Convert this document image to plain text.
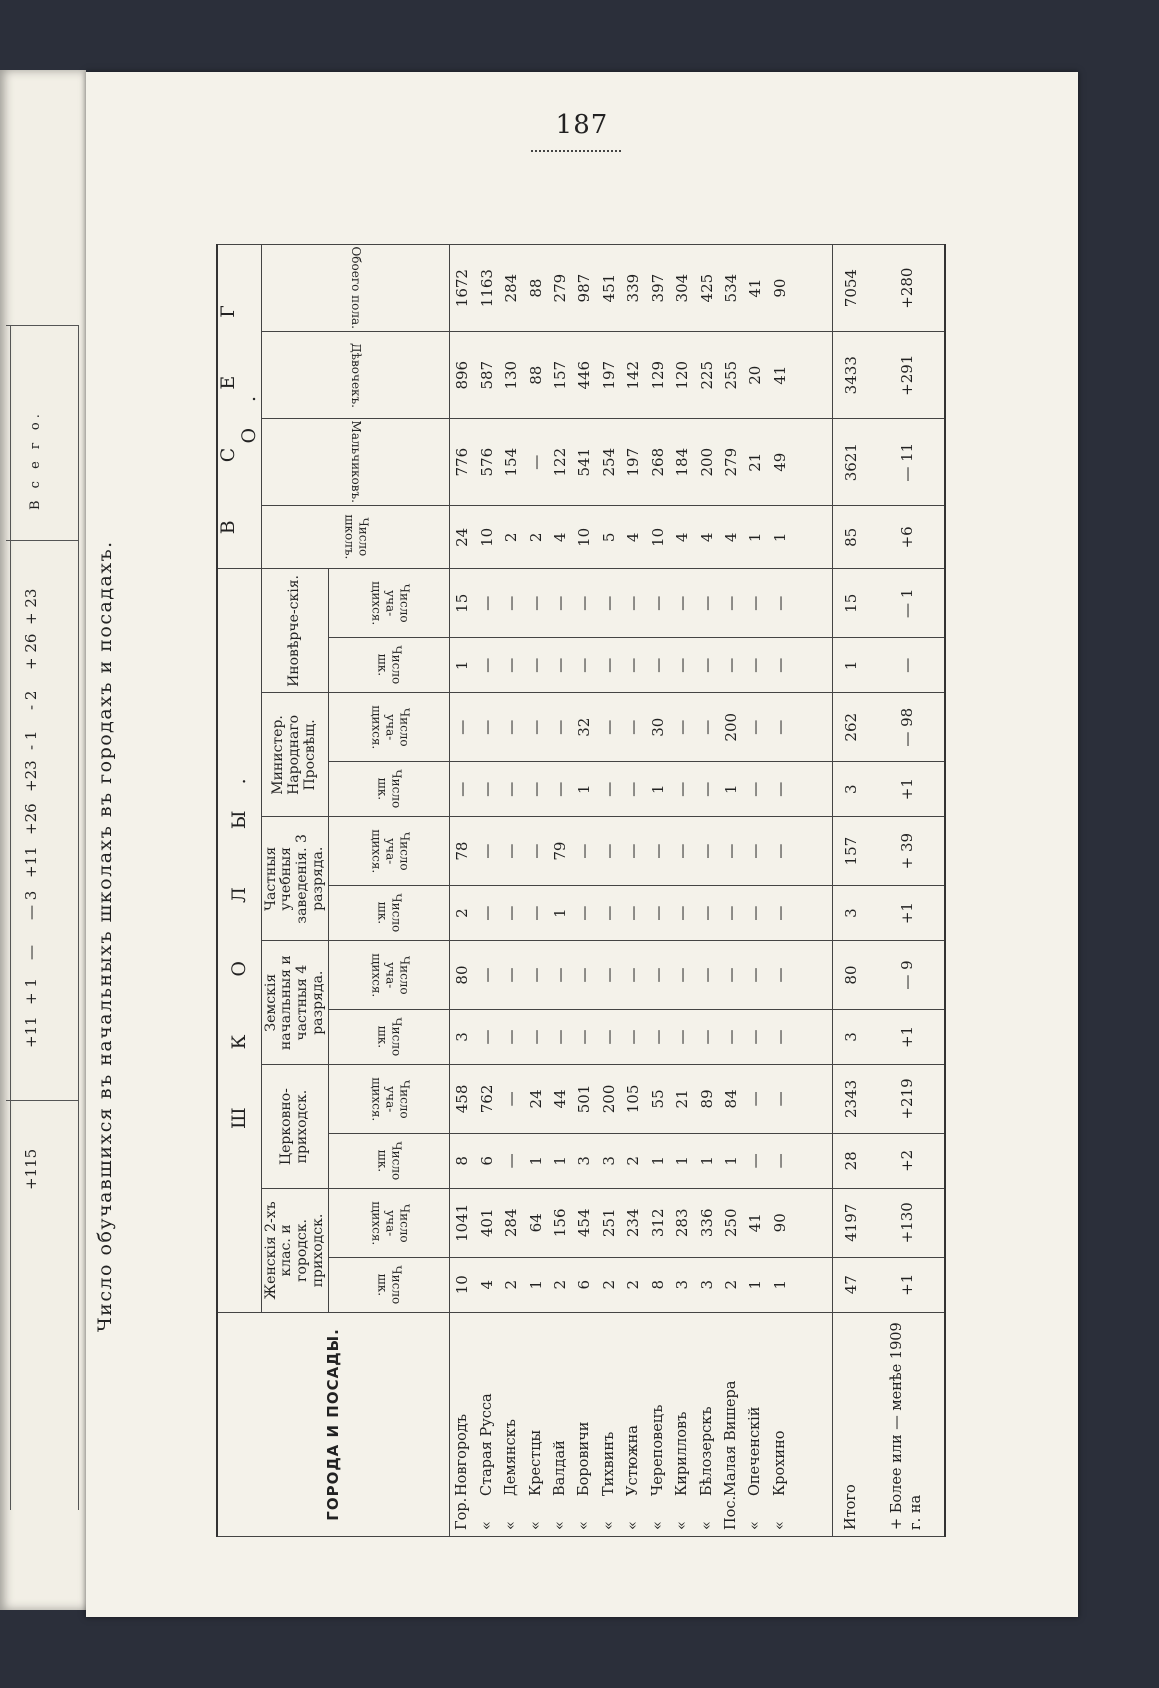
В с е г о.
+ 23
+ 26
- 2
- 1
+23
+26
+11
— 3
—
+ 1
+11
+115
187
Число обучавшихся въ начальныхъ школахъ въ городахъ и посадахъ.
ГОРОДА И ПОСАДЫ.	Ш К О Л Ы.												В С Е Г О.			
	Женскія 2-хъ клас. и городск. приходск.		Церковно-приходск.		Земскія начальныя и частныя 4 разряда.		Частныя учебныя заведенія. 3 разряда.		Министер. Народнаго Просвѣщ.		Иновѣрче-скія.		Число школъ.	Мальчиковъ.	Дѣвочекъ.	Обоего пола.
	Число шк.	Число уча-щихся.	Число шк.	Число уча-щихся.	Число шк.	Число уча-щихся.	Число шк.	Число уча-щихся.	Число шк.	Число уча-щихся.	Число шк.	Число уча-щихся.				
Гор.Новгородъ	10	1041	8	458	3	80	2	78	—	—	1	15	24	776	896	1672
«Старая Русса	4	401	6	762	—	—	—	—	—	—	—	—	10	576	587	1163
«Демянскъ	2	284	—	—	—	—	—	—	—	—	—	—	2	154	130	284
«Крестцы	1	64	1	24	—	—	—	—	—	—	—	—	2	—	88	88
«Валдай	2	156	1	44	—	—	1	79	—	—	—	—	4	122	157	279
«Боровичи	6	454	3	501	—	—	—	—	1	32	—	—	10	541	446	987
«Тихвинъ	2	251	3	200	—	—	—	—	—	—	—	—	5	254	197	451
«Устюжна	2	234	2	105	—	—	—	—	—	—	—	—	4	197	142	339
«Череповецъ	8	312	1	55	—	—	—	—	1	30	—	—	10	268	129	397
«Кирилловъ	3	283	1	21	—	—	—	—	—	—	—	—	4	184	120	304
«Бѣлозерскъ	3	336	1	89	—	—	—	—	—	—	—	—	4	200	225	425
Пос.Малая Вишера	2	250	1	84	—	—	—	—	1	200	—	—	4	279	255	534
«Опеченскій	1	41	—	—	—	—	—	—	—	—	—	—	1	21	20	41
«Крохино	1	90	—	—	—	—	—	—	—	—	—	—	1	49	41	90

Итого	47	4197	28	2343	3	80	3	157	3	262	1	15	85	3621	3433	7054
+ Более или — менѣе 1909 г. на	+1	+130	+2	+219	+1	— 9	+1	+ 39	+1	— 98	—	— 1	+6	— 11	+291	+280
